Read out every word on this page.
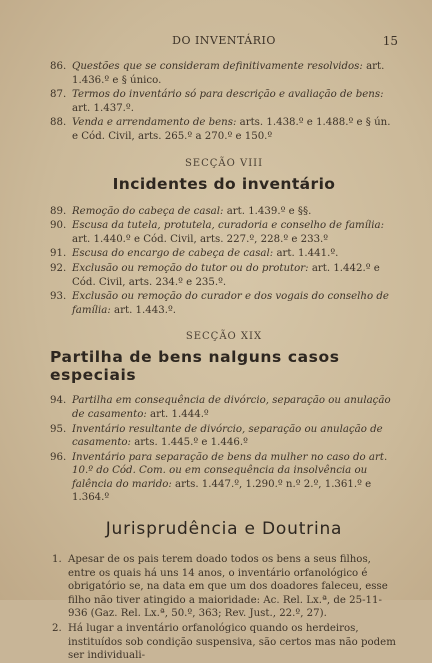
DO INVENTÁRIO	15
86. Questões que se consideram definitivamente resolvidos: art. 1.436.º e § único.
87. Termos do inventário só para descrição e avaliação de bens: art. 1.437.º.
88. Venda e arrendamento de bens: arts. 1.438.º e 1.488.º e § ún. e Cód. Civil, arts. 265.º a 270.º e 150.º
SECÇÃO VIII
Incidentes do inventário
89. Remoção do cabeça de casal: art. 1.439.º e §§.
90. Escusa da tutela, protutela, curadoria e conselho de família: art. 1.440.º e Cód. Civil, arts. 227.º, 228.º e 233.º
91. Escusa do encargo de cabeça de casal: art. 1.441.º.
92. Exclusão ou remoção do tutor ou do protutor: art. 1.442.º e Cód. Civil, arts. 234.º e 235.º.
93. Exclusão ou remoção do curador e dos vogais do conselho de família: art. 1.443.º.
SECÇÃO XIX
Partilha de bens nalguns casos especiais
94. Partilha em consequência de divórcio, separação ou anulação de casamento: art. 1.444.º
95. Inventário resultante de divórcio, separação ou anulação de casamento: arts. 1.445.º e 1.446.º
96. Inventário para separação de bens da mulher no caso do art. 10.º do Cód. Com. ou em consequência da insolvência ou falência do marido: arts. 1.447.º, 1.290.º n.º 2.º, 1.361.º e 1.364.º
Jurisprudência e Doutrina
1. Apesar de os pais terem doado todos os bens a seus filhos, entre os quais há uns 14 anos, o inventário orfanológico é obrigatório se, na data em que um dos doadores faleceu, esse filho não tiver atingido a maioridade: Ac. Rel. Lx.ª, de 25-11-936 (Gaz. Rel. Lx.ª, 50.º, 363; Rev. Just., 22.º, 27).
2. Há lugar a inventário orfanológico quando os herdeiros, instituídos sob condição suspensiva, são certos mas não podem ser individuali-
